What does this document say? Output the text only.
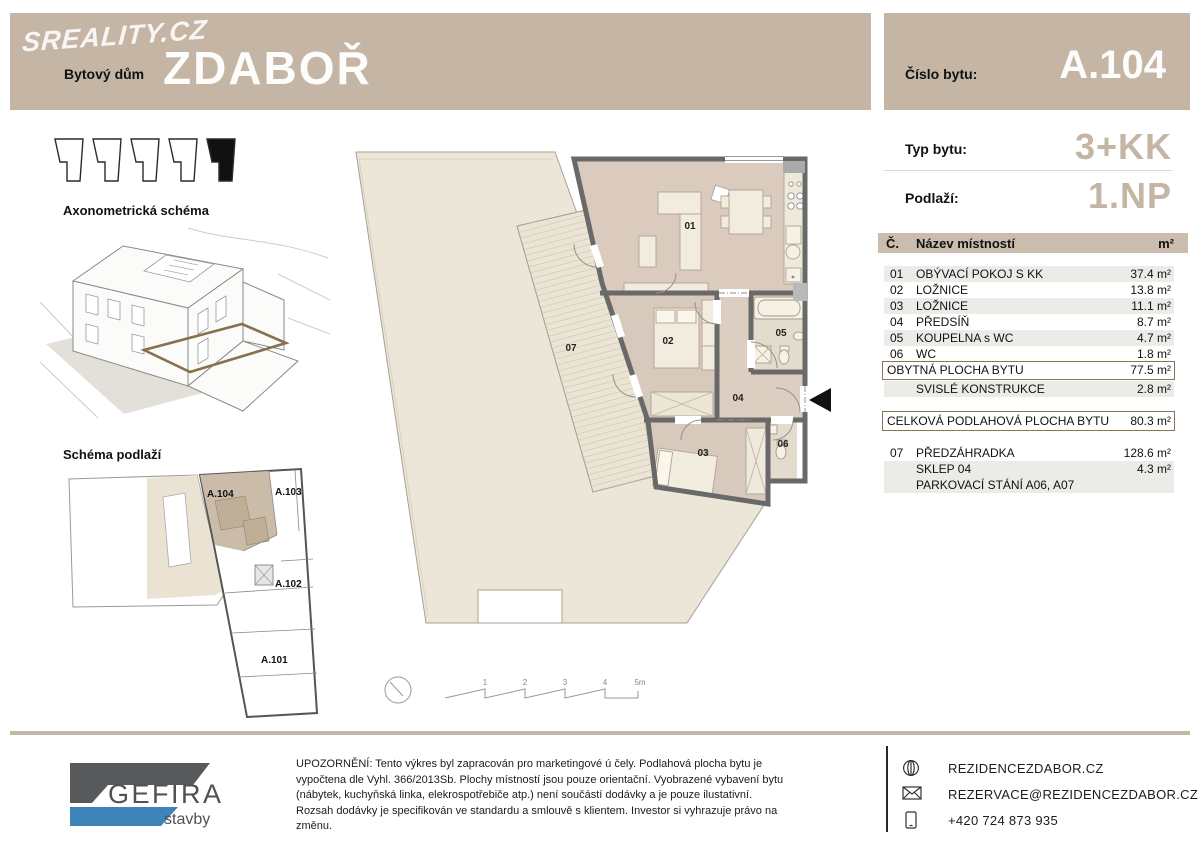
SREALITY.CZ
Bytový dům ZDABOŘ	Číslo bytu:	A.104
Typ bytu:	3+KK
Podlaží:	1.NP
Č. Název místností	m²
01 OBÝVACÍ POKOJ S KK	37.4 m²
02 LOŽNICE	13.8 m²
03 LOŽNICE	11.1 m²
04 PŘEDSÍŇ	8.7 m²
05 KOUPELNA s WC	4.7 m²
06 WC	1.8 m²
OBYTNÁ PLOCHA BYTU	77.5 m²
SVISLÉ KONSTRUKCE	2.8 m²
CELKOVÁ PODLAHOVÁ PLOCHA BYTU 80.3 m²
07 PŘEDZÁHRADKA	128.6 m²
SKLEP 04	4.3 m²
PARKOVACÍ STÁNÍ A06, A07
Axonometrická schéma
Schéma podlaží
A.104	A.103
A.102
A.101
01
02
03
04
05
06
07
1	2	3	4	5m
GEFIRA
stavby
UPOZORNĚNÍ: Tento výkres byl zapracován pro marketingové ú čely. Podlahová plocha bytu je vypočtena dle Vyhl. 366/2013Sb. Plochy místností jsou pouze orientační. Vyobrazené vybavení bytu (nábytek, kuchyňská linka, elekrospotřebiče atp.) není součástí dodávky a je pouze ilustativní. Rozsah dodávky je specifikován ve standardu a smlouvě s klientem. Investor si vyhrazuje právo na změnu.
REZIDENCEZDABOR.CZ
REZERVACE@REZIDENCEZDABOR.CZ
+420 724 873 935
